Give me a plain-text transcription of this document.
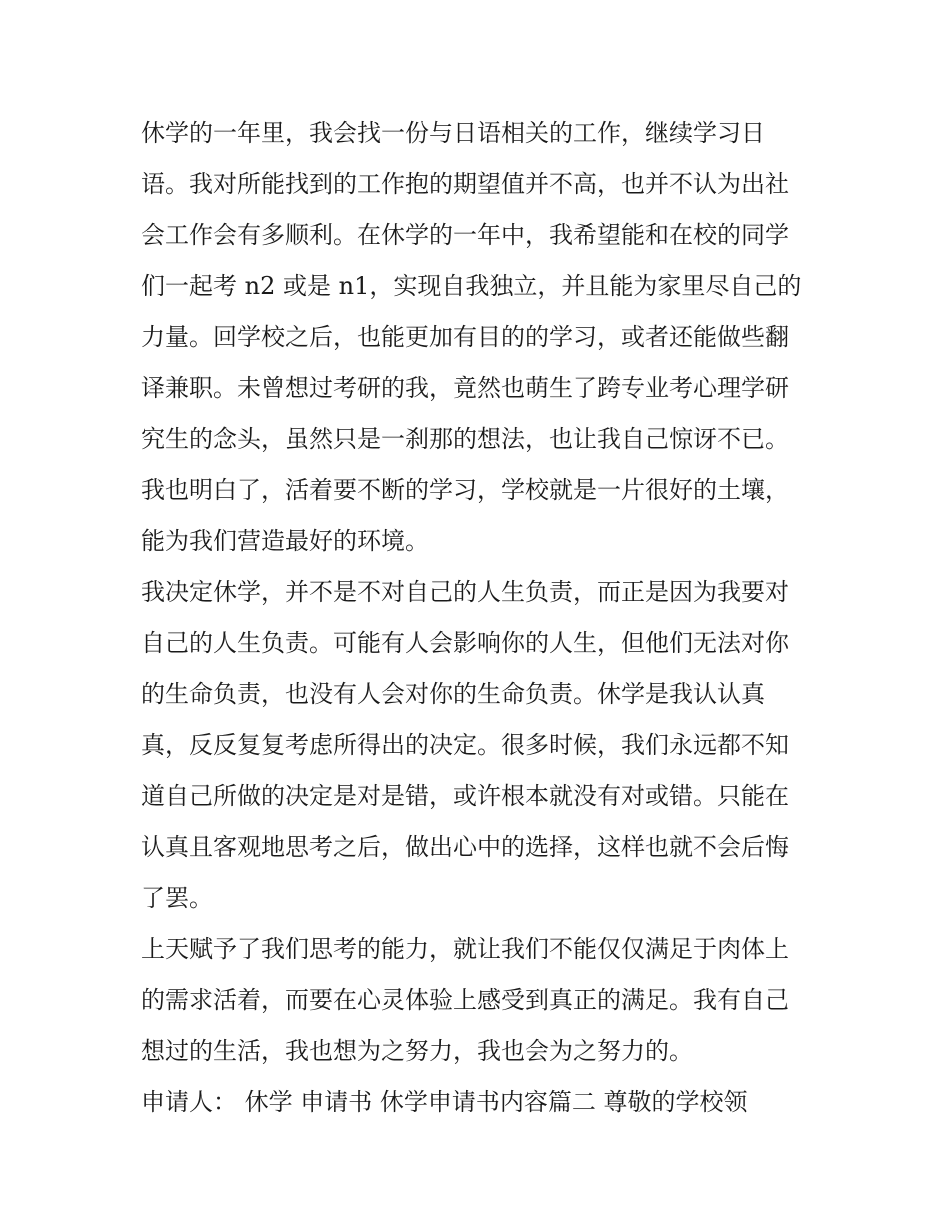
休学的一年里，我会找一份与日语相关的工作，继续学习日
语。我对所能找到的工作抱的期望值并不高，也并不认为出社
会工作会有多顺利。在休学的一年中，我希望能和在校的同学
们一起考 n2 或是 n1，实现自我独立，并且能为家里尽自己的
力量。回学校之后，也能更加有目的的学习，或者还能做些翻
译兼职。未曾想过考研的我，竟然也萌生了跨专业考心理学研
究生的念头，虽然只是一刹那的想法，也让我自己惊讶不已。
我也明白了，活着要不断的学习，学校就是一片很好的土壤，
能为我们营造最好的环境。
我决定休学，并不是不对自己的人生负责，而正是因为我要对
自己的人生负责。可能有人会影响你的人生，但他们无法对你
的生命负责，也没有人会对你的生命负责。休学是我认认真
真，反反复复考虑所得出的决定。很多时候，我们永远都不知
道自己所做的决定是对是错，或许根本就没有对或错。只能在
认真且客观地思考之后，做出心中的选择，这样也就不会后悔
了罢。
上天赋予了我们思考的能力，就让我们不能仅仅满足于肉体上
的需求活着，而要在心灵体验上感受到真正的满足。我有自己
想过的生活，我也想为之努力，我也会为之努力的。
申请人： 休学 申请书 休学申请书内容篇二 尊敬的学校领
